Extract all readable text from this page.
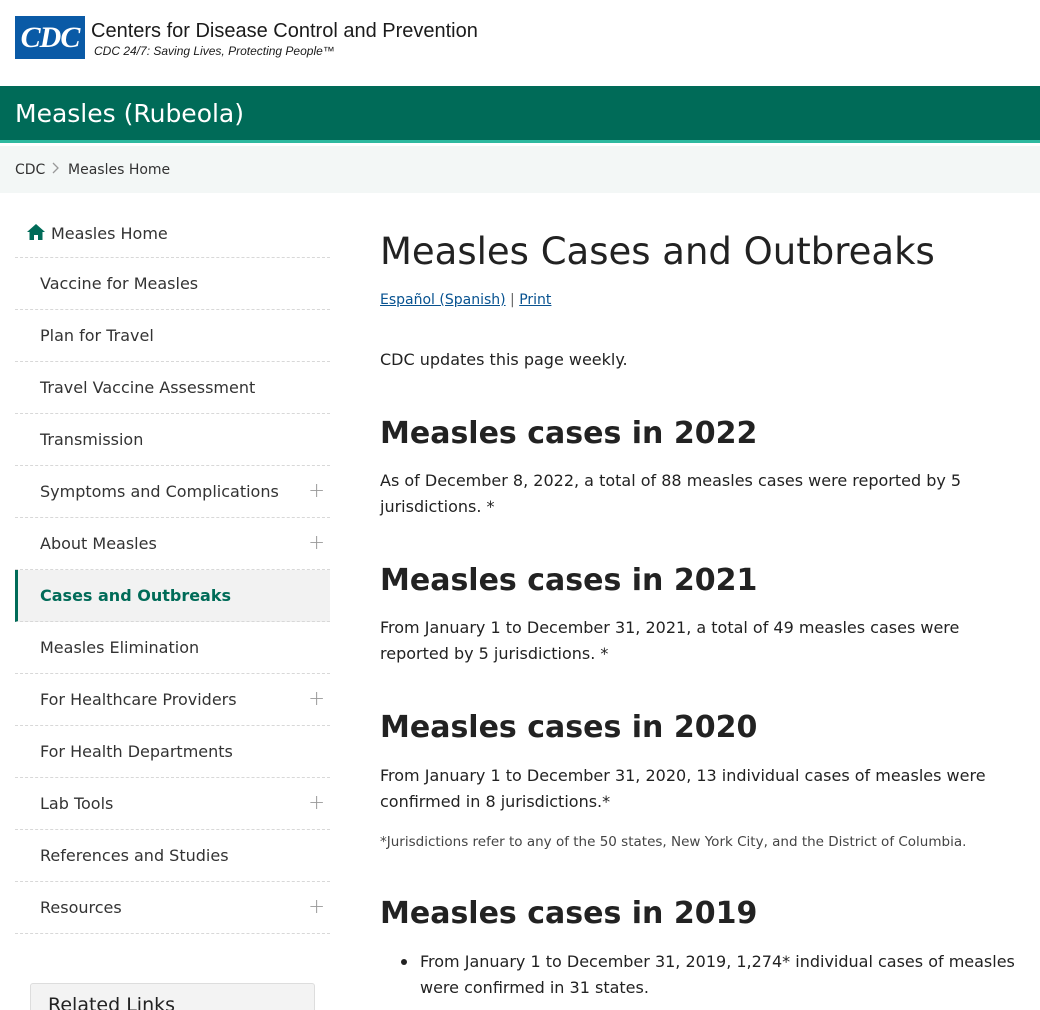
CDC Centers for Disease Control and Prevention
CDC 24/7: Saving Lives, Protecting People™
Measles (Rubeola)
CDC Measles Home
Measles Home
Vaccine for Measles
Plan for Travel
Travel Vaccine Assessment
Transmission
Symptoms and Complications +
About Measles	+
Cases and Outbreaks
Measles Elimination
For Healthcare Providers	+
For Health Departments
Lab Tools	+
References and Studies
Resources	+
Related Links
Measles Cases and Outbreaks
Español (Spanish) | Print

CDC updates this page weekly.

Measles cases in 2022

As of December 8, 2022, a total of 88 measles cases were reported by 5 jurisdictions. *

Measles cases in 2021

From January 1 to December 31, 2021, a total of 49 measles cases were reported by 5 jurisdictions. *

Measles cases in 2020

From January 1 to December 31, 2020, 13 individual cases of measles were confirmed in 8 jurisdictions.*

*Jurisdictions refer to any of the 50 states, New York City, and the District of Columbia.

Measles cases in 2019
From January 1 to December 31, 2019, 1,274* individual cases of measles were confirmed in 31 states.
